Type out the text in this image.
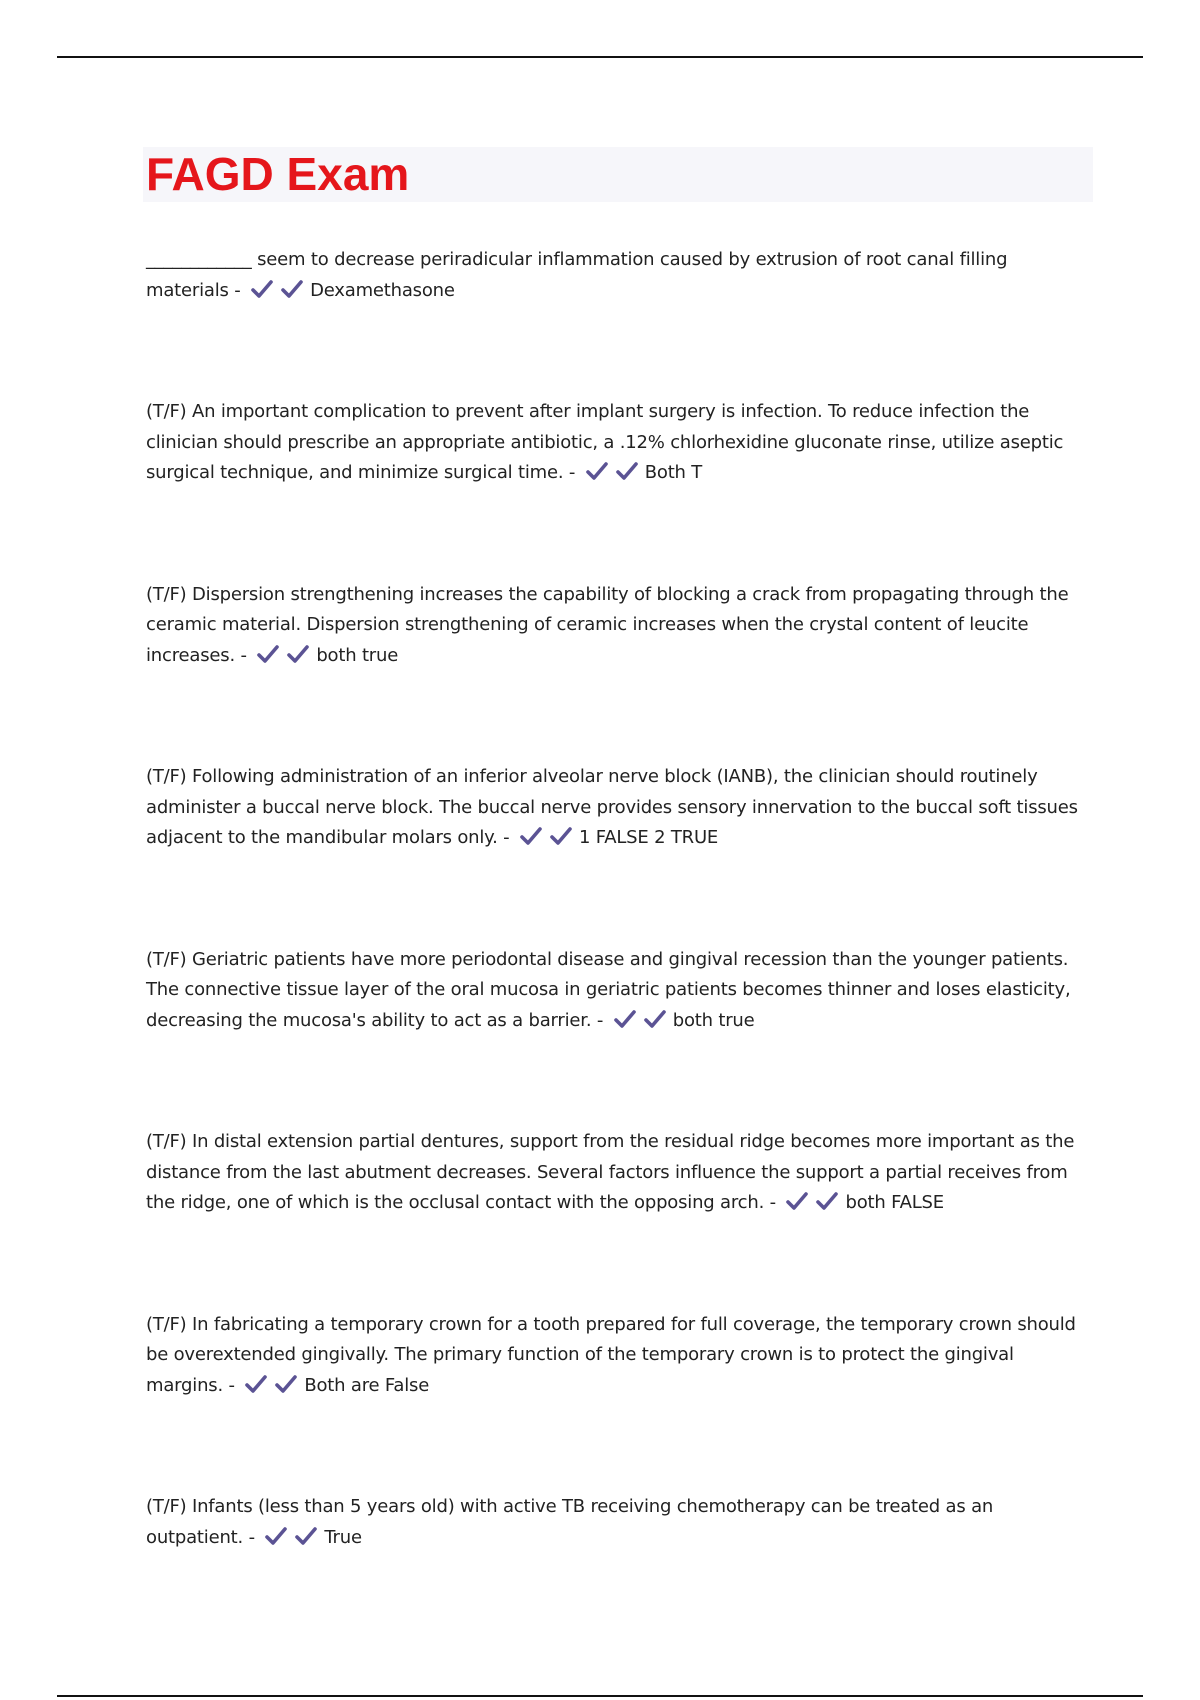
FAGD Exam

____________ seem to decrease periradicular inflammation caused by extrusion of root canal filling materials -	Dexamethasone

(T/F) An important complication to prevent after implant surgery is infection. To reduce infection the clinician should prescribe an appropriate antibiotic, a .12% chlorhexidine gluconate rinse, utilize aseptic surgical technique, and minimize surgical time. -	Both T

(T/F) Dispersion strengthening increases the capability of blocking a crack from propagating through the ceramic material. Dispersion strengthening of ceramic increases when the crystal content of leucite increases. -	both true

(T/F) Following administration of an inferior alveolar nerve block (IANB), the clinician should routinely administer a buccal nerve block. The buccal nerve provides sensory innervation to the buccal soft tissues adjacent to the mandibular molars only. -	1 FALSE 2 TRUE

(T/F) Geriatric patients have more periodontal disease and gingival recession than the younger patients. The connective tissue layer of the oral mucosa in geriatric patients becomes thinner and loses elasticity, decreasing the mucosa's ability to act as a barrier. -	both true

(T/F) In distal extension partial dentures, support from the residual ridge becomes more important as the distance from the last abutment decreases. Several factors influence the support a partial receives from the ridge, one of which is the occlusal contact with the opposing arch. -	both FALSE

(T/F) In fabricating a temporary crown for a tooth prepared for full coverage, the temporary crown should be overextended gingivally. The primary function of the temporary crown is to protect the gingival margins. -	Both are False

(T/F) Infants (less than 5 years old) with active TB receiving chemotherapy can be treated as an outpatient. -	True
